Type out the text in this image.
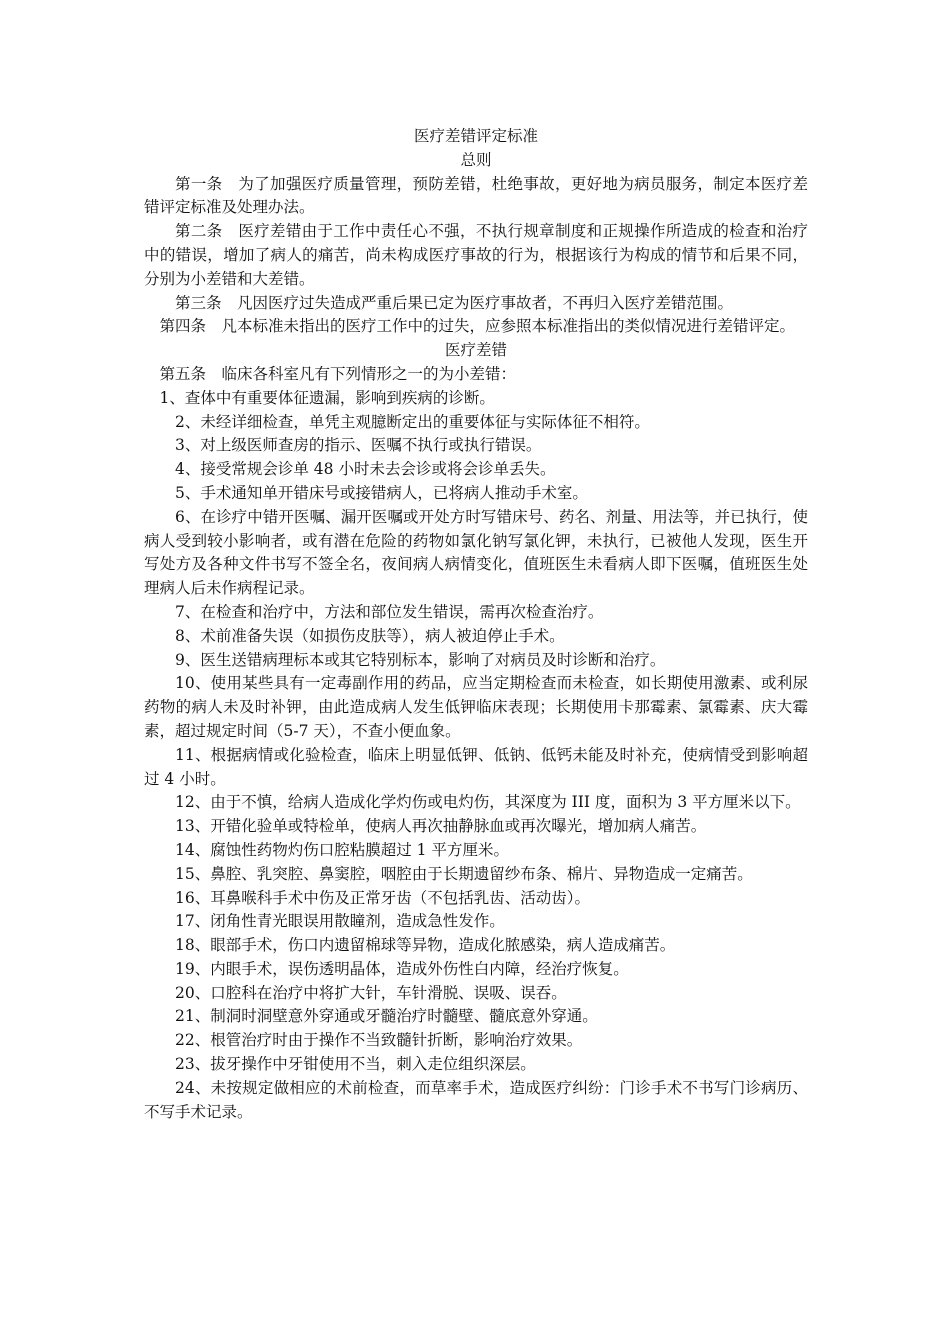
医疗差错评定标准

总则

第一条　为了加强医疗质量管理，预防差错，杜绝事故，更好地为病员服务，制定本医疗差错评定标准及处理办法。

第二条　医疗差错由于工作中责任心不强，不执行规章制度和正规操作所造成的检查和治疗中的错误，增加了病人的痛苦，尚未构成医疗事故的行为，根据该行为构成的情节和后果不同，分别为小差错和大差错。

第三条　凡因医疗过失造成严重后果已定为医疗事故者，不再归入医疗差错范围。

第四条　凡本标准未指出的医疗工作中的过失，应参照本标准指出的类似情况进行差错评定。

医疗差错

第五条　临床各科室凡有下列情形之一的为小差错：

1、查体中有重要体征遗漏，影响到疾病的诊断。

2、未经详细检查，单凭主观臆断定出的重要体征与实际体征不相符。

3、对上级医师查房的指示、医嘱不执行或执行错误。

4、接受常规会诊单 48 小时未去会诊或将会诊单丢失。

5、手术通知单开错床号或接错病人，已将病人推动手术室。

6、在诊疗中错开医嘱、漏开医嘱或开处方时写错床号、药名、剂量、用法等，并已执行，使病人受到较小影响者，或有潜在危险的药物如氯化钠写氯化钾，未执行，已被他人发现，医生开写处方及各种文件书写不签全名，夜间病人病情变化，值班医生未看病人即下医嘱，值班医生处理病人后未作病程记录。

7、在检查和治疗中，方法和部位发生错误，需再次检查治疗。

8、术前准备失误（如损伤皮肤等），病人被迫停止手术。

9、医生送错病理标本或其它特别标本，影响了对病员及时诊断和治疗。

10、使用某些具有一定毒副作用的药品，应当定期检查而未检查，如长期使用激素、或利尿药物的病人未及时补钾，由此造成病人发生低钾临床表现；长期使用卡那霉素、氯霉素、庆大霉素，超过规定时间（5-7 天），不查小便血象。

11、根据病情或化验检查，临床上明显低钾、低钠、低钙未能及时补充，使病情受到影响超过 4 小时。

12、由于不慎，给病人造成化学灼伤或电灼伤，其深度为 III 度，面积为 3 平方厘米以下。

13、开错化验单或特检单，使病人再次抽静脉血或再次曝光，增加病人痛苦。

14、腐蚀性药物灼伤口腔粘膜超过 1 平方厘米。

15、鼻腔、乳突腔、鼻窦腔，咽腔由于长期遗留纱布条、棉片、异物造成一定痛苦。

16、耳鼻喉科手术中伤及正常牙齿（不包括乳齿、活动齿）。

17、闭角性青光眼误用散瞳剂，造成急性发作。

18、眼部手术，伤口内遗留棉球等异物，造成化脓感染，病人造成痛苦。

19、内眼手术，误伤透明晶体，造成外伤性白内障，经治疗恢复。

20、口腔科在治疗中将扩大针，车针滑脱、误吸、误吞。

21、制洞时洞壁意外穿通或牙髓治疗时髓壁、髓底意外穿通。

22、根管治疗时由于操作不当致髓针折断，影响治疗效果。

23、拔牙操作中牙钳使用不当，刺入走位组织深层。

24、未按规定做相应的术前检查，而草率手术，造成医疗纠纷：门诊手术不书写门诊病历、不写手术记录。
